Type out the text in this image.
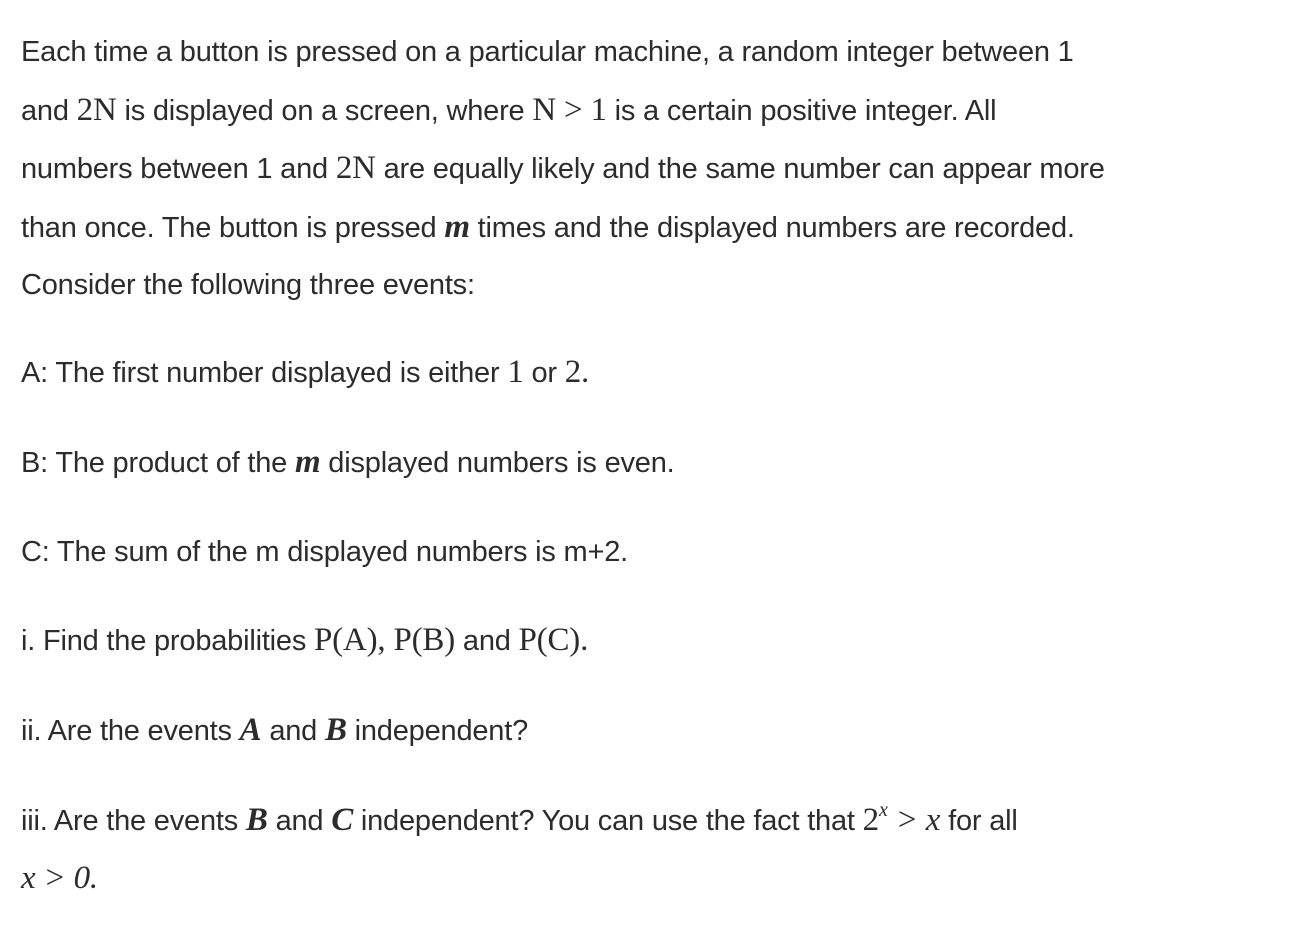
Each time a button is pressed on a particular machine, a random integer between 1

and 2N is displayed on a screen, where N > 1 is a certain positive integer. All

numbers between 1 and 2N are equally likely and the same number can appear more

than once. The button is pressed m times and the displayed numbers are recorded.

Consider the following three events:

A: The first number displayed is either 1 or 2.

B: The product of the m displayed numbers is even.

C: The sum of the m displayed numbers is m+2.

i. Find the probabilities P(A), P(B) and P(C).

ii. Are the events A and B independent?

iii. Are the events B and C independent? You can use the fact that $2^x > x$ for all

x > 0.
